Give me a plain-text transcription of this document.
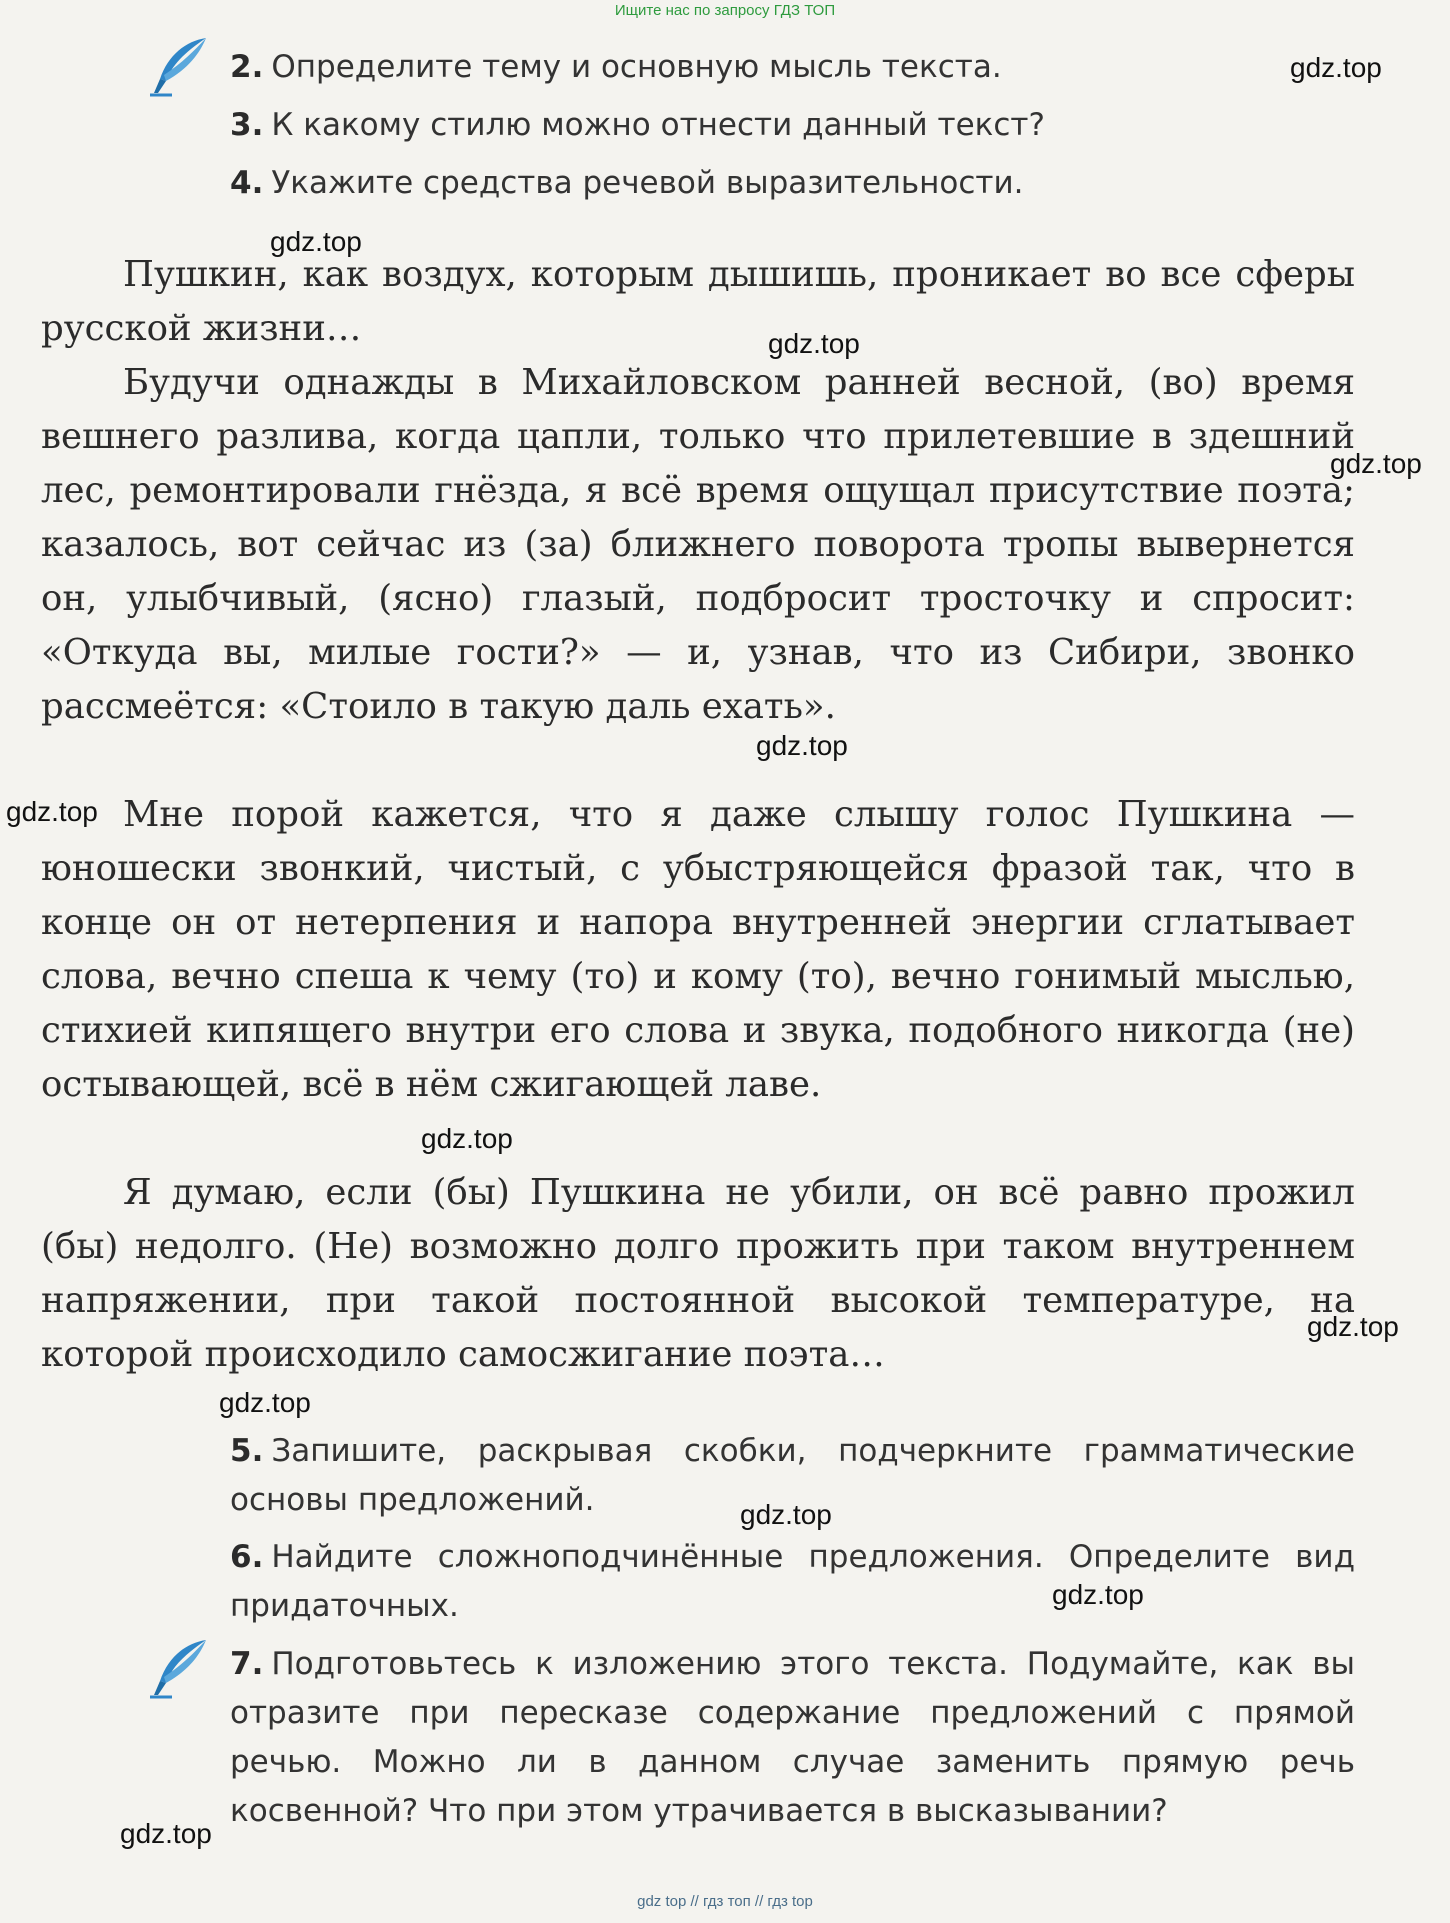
Ищите нас по запросу ГДЗ ТОП
2. Определите тему и основную мысль текста.
3. К какому стилю можно отнести данный текст?
4. Укажите средства речевой выразительности.
Пушкин, как воздух, которым дышишь, проникает во все сферы русской жизни…
Будучи однажды в Михайловском ранней весной, (во) время вешнего разлива, когда цапли, только что прилетевшие в здешний лес, ремонтировали гнёзда, я всё время ощущал присутствие поэта; казалось, вот сейчас из (за) ближнего поворота тропы вывернется он, улыбчивый, (ясно) глазый, подбросит тросточку и спросит: «Откуда вы, милые гости?» — и, узнав, что из Сибири, звонко рассмеётся: «Стоило в такую даль ехать».
Мне порой кажется, что я даже слышу голос Пушкина — юношески звонкий, чистый, с убыстряющейся фразой так, что в конце он от нетерпения и напора внутренней энергии сглатывает слова, вечно спеша к чему (то) и кому (то), вечно гонимый мыслью, стихией кипящего внутри его слова и звука, подобного никогда (не) остывающей, всё в нём сжигающей лаве.
Я думаю, если (бы) Пушкина не убили, он всё равно прожил (бы) недолго. (Не) возможно долго прожить при таком внутреннем напряжении, при такой постоянной высокой температуре, на которой происходило самосжигание поэта…
5. Запишите, раскрывая скобки, подчеркните грамматические основы предложений.
6. Найдите сложноподчинённые предложения. Определите вид придаточных.
7. Подготовьтесь к изложению этого текста. Подумайте, как вы отразите при пересказе содержание предложений с прямой речью. Можно ли в данном случае заменить прямую речь косвенной? Что при этом утрачивается в высказывании?
gdz.top
gdz.top
gdz.top
gdz.top
gdz.top
gdz.top
gdz.top
gdz.top
gdz.top
gdz.top
gdz.top
gdz.top
gdz top // гдз топ // гдз top
